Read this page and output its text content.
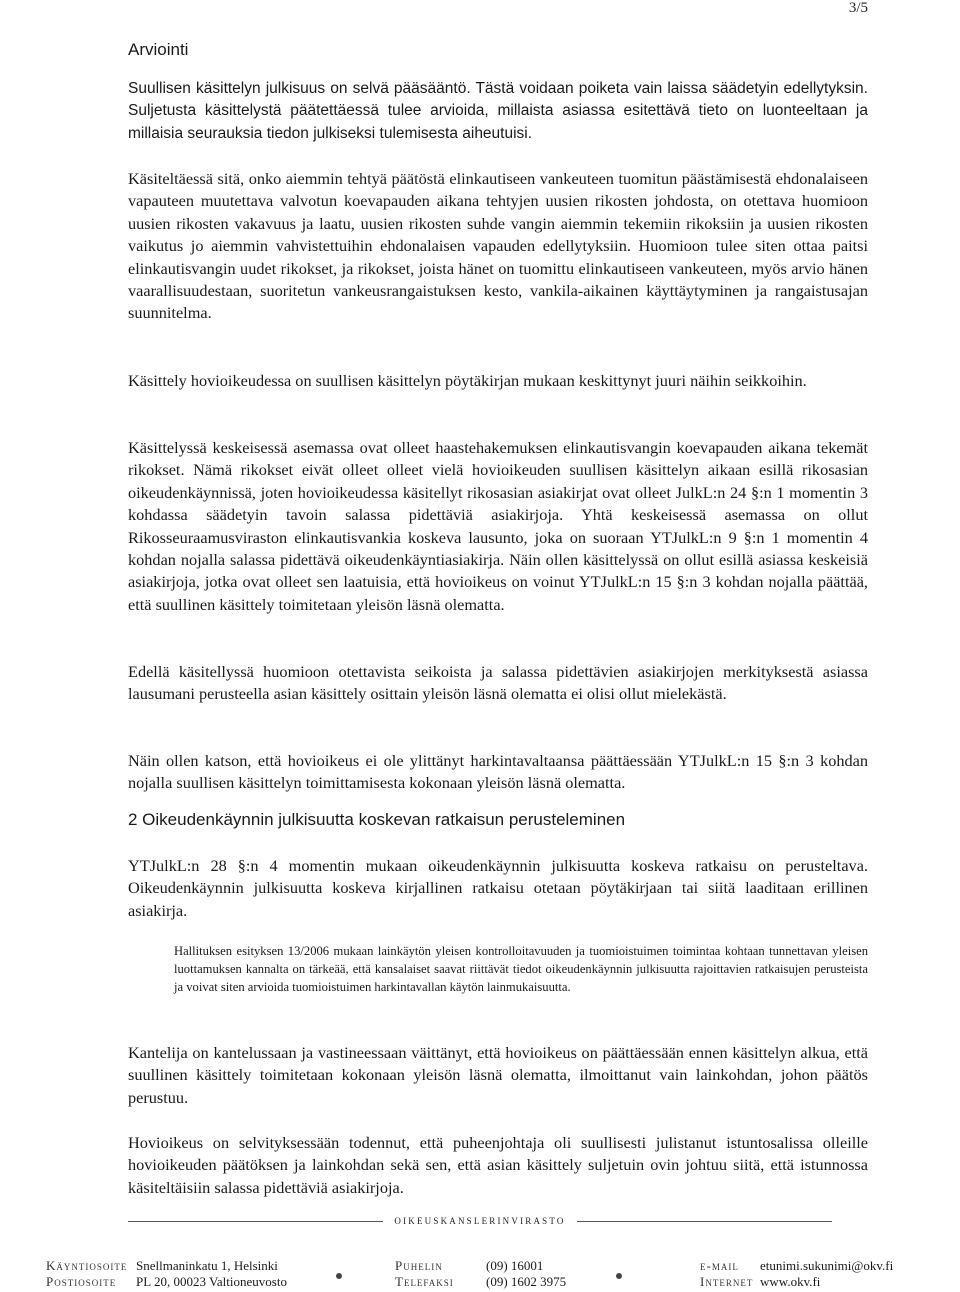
3/5
Arviointi

Suullisen käsittelyn julkisuus on selvä pääsääntö. Tästä voidaan poiketa vain laissa säädetyin edellytyksin. Suljetusta käsittelystä päätettäessä tulee arvioida, millaista asiassa esitettävä tieto on luonteeltaan ja millaisia seurauksia tiedon julkiseksi tulemisesta aiheutuisi.

Käsiteltäessä sitä, onko aiemmin tehtyä päätöstä elinkautiseen vankeuteen tuomitun päästämisestä ehdonalaiseen vapauteen muutettava valvotun koevapauden aikana tehtyjen uusien rikosten johdosta, on otettava huomioon uusien rikosten vakavuus ja laatu, uusien rikosten suhde vangin aiemmin tekemiin rikoksiin ja uusien rikosten vaikutus jo aiemmin vahvistettuihin ehdonalaisen vapauden edellytyksiin. Huomioon tulee siten ottaa paitsi elinkautisvangin uudet rikokset, ja rikokset, joista hänet on tuomittu elinkautiseen vankeuteen, myös arvio hänen vaarallisuudestaan, suoritetun vankeusrangaistuksen kesto, vankila-aikainen käyttäytyminen ja rangaistusajan suunnitelma.

Käsittely hovioikeudessa on suullisen käsittelyn pöytäkirjan mukaan keskittynyt juuri näihin seikkoihin.

Käsittelyssä keskeisessä asemassa ovat olleet haastehakemuksen elinkautisvangin koevapauden aikana tekemät rikokset. Nämä rikokset eivät olleet olleet vielä hovioikeuden suullisen käsittelyn aikaan esillä rikosasian oikeudenkäynnissä, joten hovioikeudessa käsitellyt rikosasian asiakirjat ovat olleet JulkL:n 24 §:n 1 momentin 3 kohdassa säädetyin tavoin salassa pidettäviä asiakirjoja. Yhtä keskeisessä asemassa on ollut Rikosseuraamusviraston elinkautisvankia koskeva lausunto, joka on suoraan YTJulkL:n 9 §:n 1 momentin 4 kohdan nojalla salassa pidettävä oikeudenkäyntiasiakirja. Näin ollen käsittelyssä on ollut esillä asiassa keskeisiä asiakirjoja, jotka ovat olleet sen laatuisia, että hovioikeus on voinut YTJulkL:n 15 §:n 3 kohdan nojalla päättää, että suullinen käsittely toimitetaan yleisön läsnä olematta.

Edellä käsitellyssä huomioon otettavista seikoista ja salassa pidettävien asiakirjojen merkityksestä asiassa lausumani perusteella asian käsittely osittain yleisön läsnä olematta ei olisi ollut mielekästä.

Näin ollen katson, että hovioikeus ei ole ylittänyt harkintavaltaansa päättäessään YTJulkL:n 15 §:n 3 kohdan nojalla suullisen käsittelyn toimittamisesta kokonaan yleisön läsnä olematta.

2 Oikeudenkäynnin julkisuutta koskevan ratkaisun perusteleminen

YTJulkL:n 28 §:n 4 momentin mukaan oikeudenkäynnin julkisuutta koskeva ratkaisu on perusteltava. Oikeudenkäynnin julkisuutta koskeva kirjallinen ratkaisu otetaan pöytäkirjaan tai siitä laaditaan erillinen asiakirja.

Hallituksen esityksen 13/2006 mukaan lainkäytön yleisen kontrolloitavuuden ja tuomioistuimen toimintaa kohtaan tunnettavan yleisen luottamuksen kannalta on tärkeää, että kansalaiset saavat riittävät tiedot oikeudenkäynnin julkisuutta rajoittavien ratkaisujen perusteista ja voivat siten arvioida tuomioistuimen harkintavallan käytön lainmukaisuutta.

Kantelija on kantelussaan ja vastineessaan väittänyt, että hovioikeus on päättäessään ennen käsittelyn alkua, että suullinen käsittely toimitetaan kokonaan yleisön läsnä olematta, ilmoittanut vain lainkohdan, johon päätös perustuu.

Hovioikeus on selvityksessään todennut, että puheenjohtaja oli suullisesti julistanut istuntosalissa olleille hovioikeuden päätöksen ja lainkohdan sekä sen, että asian käsittely suljetuin ovin johtuu siitä, että istunnossa käsiteltäisiin salassa pidettäviä asiakirjoja.

oikeuskanslerinvirasto
Käyntiosoite Snellmaninkatu 1, Helsinki	Puhelin	(09) 16001	e-mail etunimi.sukunimi@okv.fi
Postiosoite PL 20, 00023 Valtioneuvosto	Telefaksi (09) 1602 3975	Internet www.okv.fi
